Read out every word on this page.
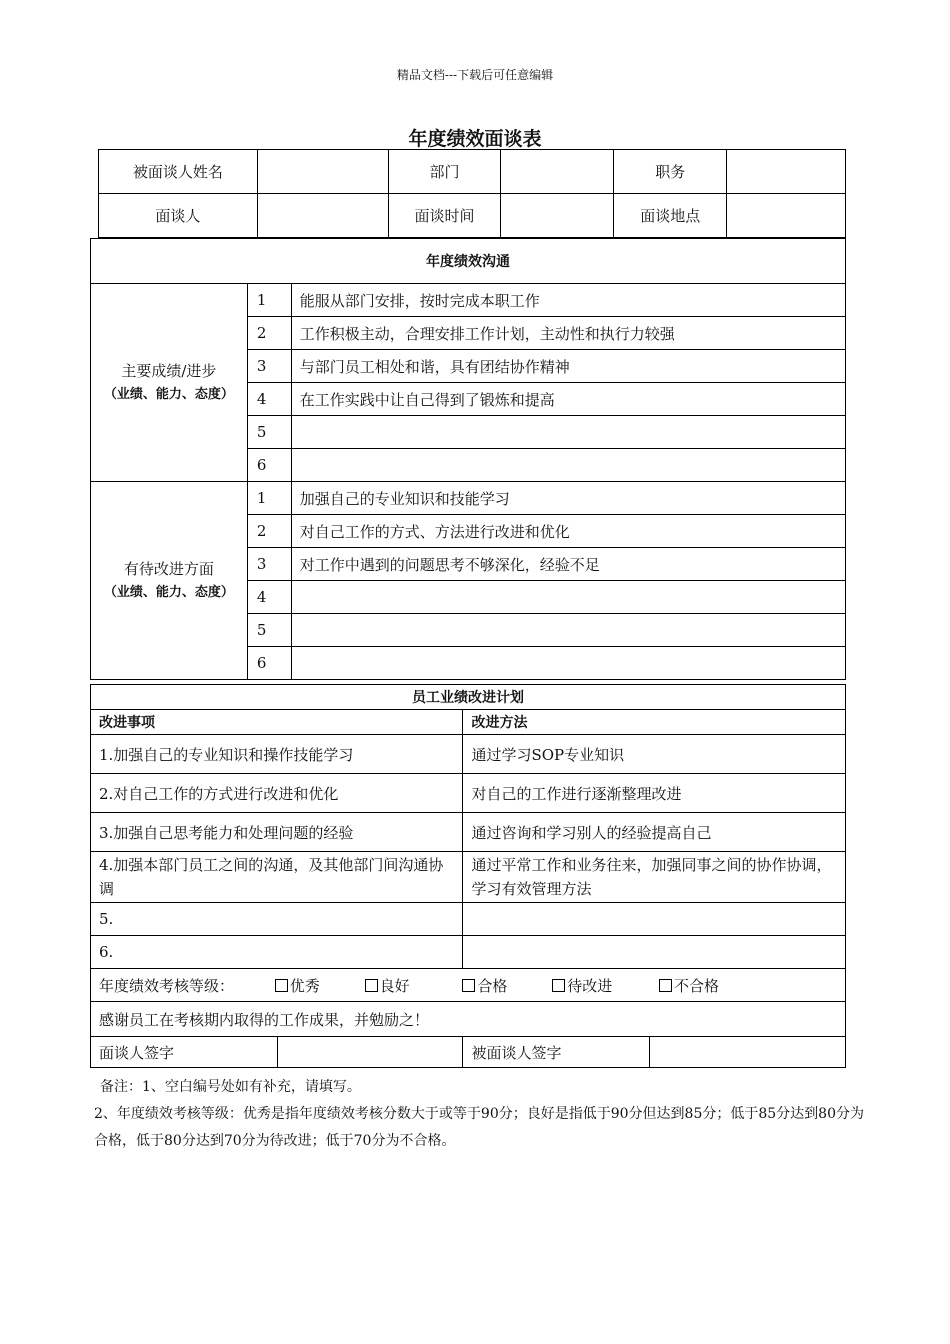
精品文档---下载后可任意编辑
年度绩效面谈表
被面谈人姓名		部门		职务	
面谈人		面谈时间		面谈地点	
年度绩效沟通		

主要成绩/进步
（业绩、能力、态度）	1	能服从部门安排，按时完成本职工作
	2	工作积极主动，合理安排工作计划，主动性和执行力较强
	3	与部门员工相处和谐，具有团结协作精神
	4	在工作实践中让自己得到了锻炼和提高
	5	
	6	

有待改进方面
（业绩、能力、态度）	1	加强自己的专业知识和技能学习
	2	对自己工作的方式、方法进行改进和优化
	3	对工作中遇到的问题思考不够深化，经验不足
	4	
	5	
	6	
员工业绩改进计划			
改进事项		改进方法	
1.加强自己的专业知识和操作技能学习		通过学习SOP专业知识	
2.对自己工作的方式进行改进和优化		对自己的工作进行逐渐整理改进	
3.加强自己思考能力和处理问题的经验		通过咨询和学习别人的经验提高自己	
4.加强本部门员工之间的沟通，及其他部门间沟通协调		通过平常工作和业务往来，加强同事之间的协作协调，学习有效管理方法	
5.			
6.			
年度绩效考核等级： 优秀 良好 合格 待改进 不合格			
感谢员工在考核期内取得的工作成果，并勉励之！			
面谈人签字		被面谈人签字	
备注：1、空白编号处如有补充，请填写。
2、年度绩效考核等级：优秀是指年度绩效考核分数大于或等于90分；良好是指低于90分但达到85分；低于85分达到80分为合格，低于80分达到70分为待改进；低于70分为不合格。
